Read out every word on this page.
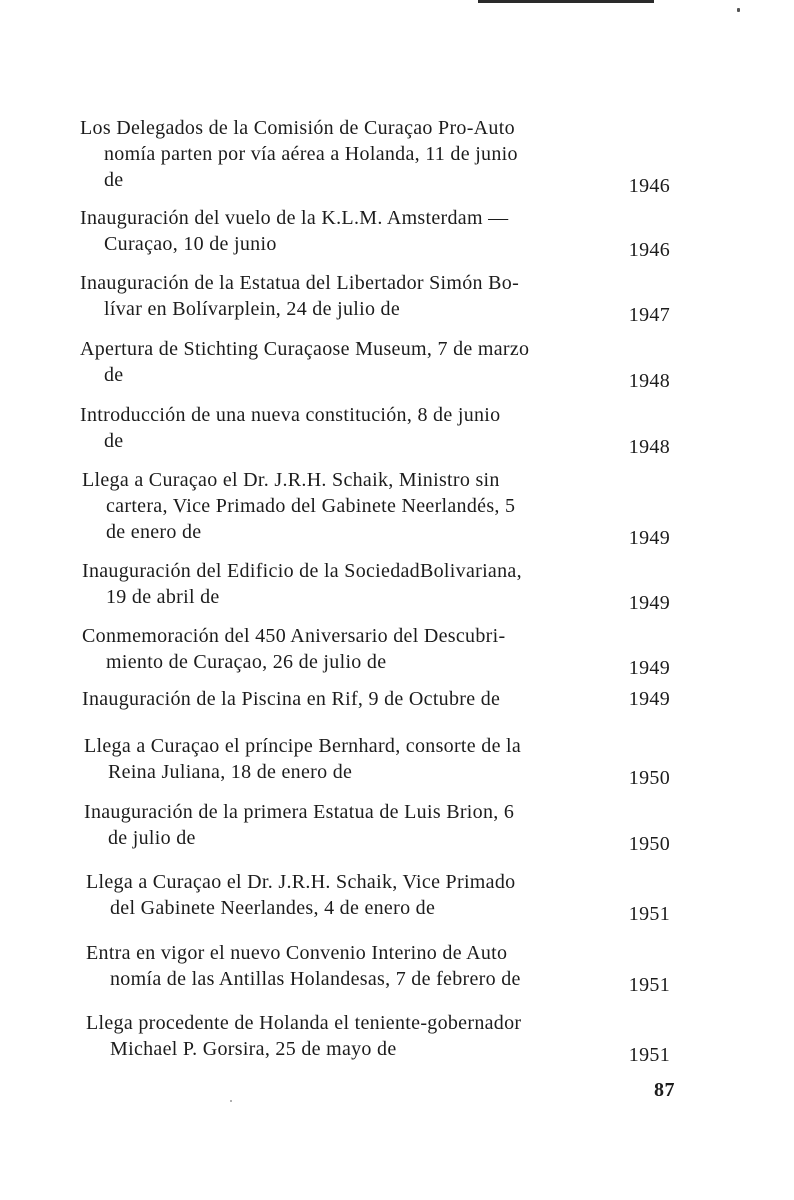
Los Delegados de la Comisión de Curaçao Pro-Auto
nomía parten por vía aérea a Holanda, 11 de junio
de	1946
Inauguración del vuelo de la K.L.M. Amsterdam —
Curaçao, 10 de junio	1946
Inauguración de la Estatua del Libertador Simón Bo-
lívar en Bolívarplein, 24 de julio de	1947
Apertura de Stichting Curaçaose Museum, 7 de marzo
de	1948
Introducción de una nueva constitución, 8 de junio
de	1948
Llega a Curaçao el Dr. J.R.H. Schaik, Ministro sin
cartera, Vice Primado del Gabinete Neerlandés, 5
de enero de	1949
Inauguración del Edificio de la SociedadBolivariana,
19 de abril de	1949
Conmemoración del 450 Aniversario del Descubri-
miento de Curaçao, 26 de julio de	1949
Inauguración de la Piscina en Rif, 9 de Octubre de	1949
Llega a Curaçao el príncipe Bernhard, consorte de la
Reina Juliana, 18 de enero de	1950
Inauguración de la primera Estatua de Luis Brion, 6
de julio de	1950
Llega a Curaçao el Dr. J.R.H. Schaik, Vice Primado
del Gabinete Neerlandes, 4 de enero de	1951
Entra en vigor el nuevo Convenio Interino de Auto
nomía de las Antillas Holandesas, 7 de febrero de	1951
Llega procedente de Holanda el teniente-gobernador
Michael P. Gorsira, 25 de mayo de	1951
87
